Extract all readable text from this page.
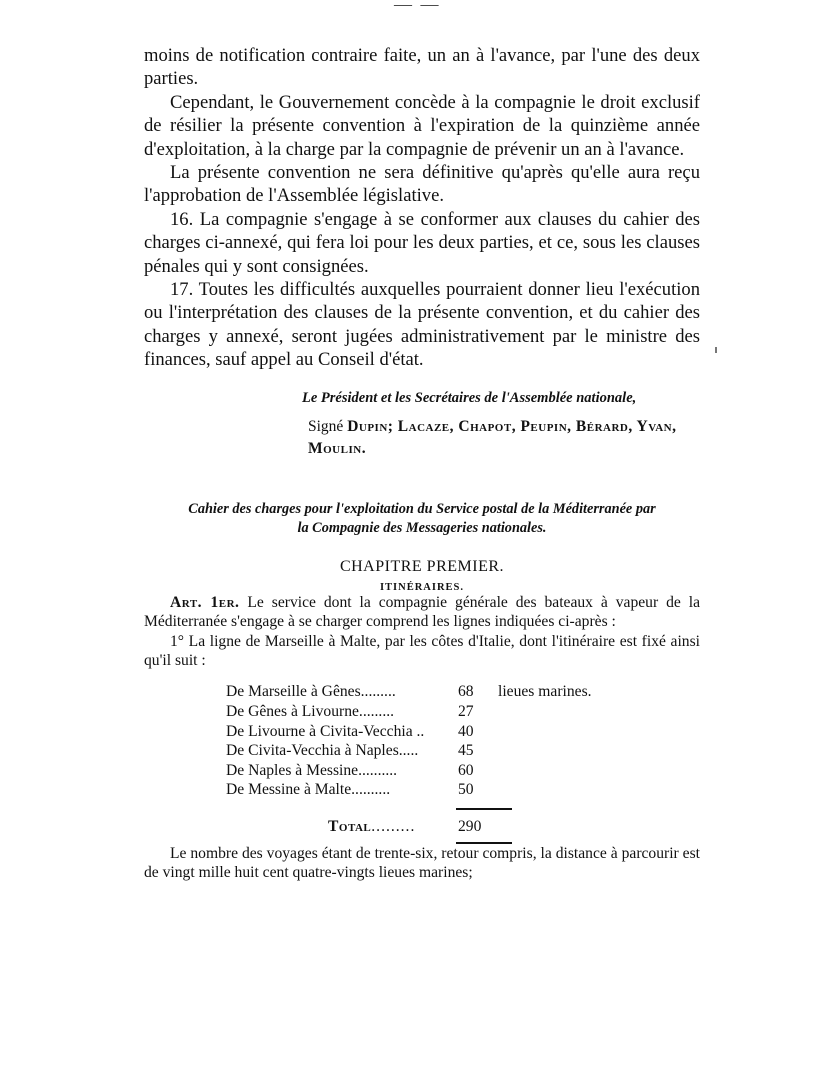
— —

moins de notification contraire faite, un an à l'avance, par l'une des deux parties.

Cependant, le Gouvernement concède à la compagnie le droit exclusif de résilier la présente convention à l'expiration de la quinzième année d'exploitation, à la charge par la compagnie de prévenir un an à l'avance.

La présente convention ne sera définitive qu'après qu'elle aura reçu l'approbation de l'Assemblée législative.

16. La compagnie s'engage à se conformer aux clauses du cahier des charges ci-annexé, qui fera loi pour les deux parties, et ce, sous les clauses pénales qui y sont consignées.

17. Toutes les difficultés auxquelles pourraient donner lieu l'exécution ou l'interprétation des clauses de la présente convention, et du cahier des charges y annexé, seront jugées administrativement par le ministre des finances, sauf appel au Conseil d'état.

Le Président et les Secrétaires de l'Assemblée nationale,
Signé Dupin; Lacaze, Chapot, Peupin, Bérard, Yvan, Moulin.
Cahier des charges pour l'exploitation du Service postal de la Méditerranée par
la Compagnie des Messageries nationales.
CHAPITRE PREMIER.
ITINÉRAIRES.

Art. 1er. Le service dont la compagnie générale des bateaux à vapeur de la Méditerranée s'engage à se charger comprend les lignes indiquées ci-après :

1° La ligne de Marseille à Malte, par les côtes d'Italie, dont l'itinéraire est fixé ainsi qu'il suit :

De Marseille à Gênes.........	68	lieues marines.
De Gênes à Livourne.........	27	
De Livourne à Civita-Vecchia ..	40	
De Civita-Vecchia à Naples.....	45	
De Naples à Messine..........	60	
De Messine à Malte..........	50	
Total.........	290

Le nombre des voyages étant de trente-six, retour compris, la distance à parcourir est de vingt mille huit cent quatre-vingts lieues marines;
